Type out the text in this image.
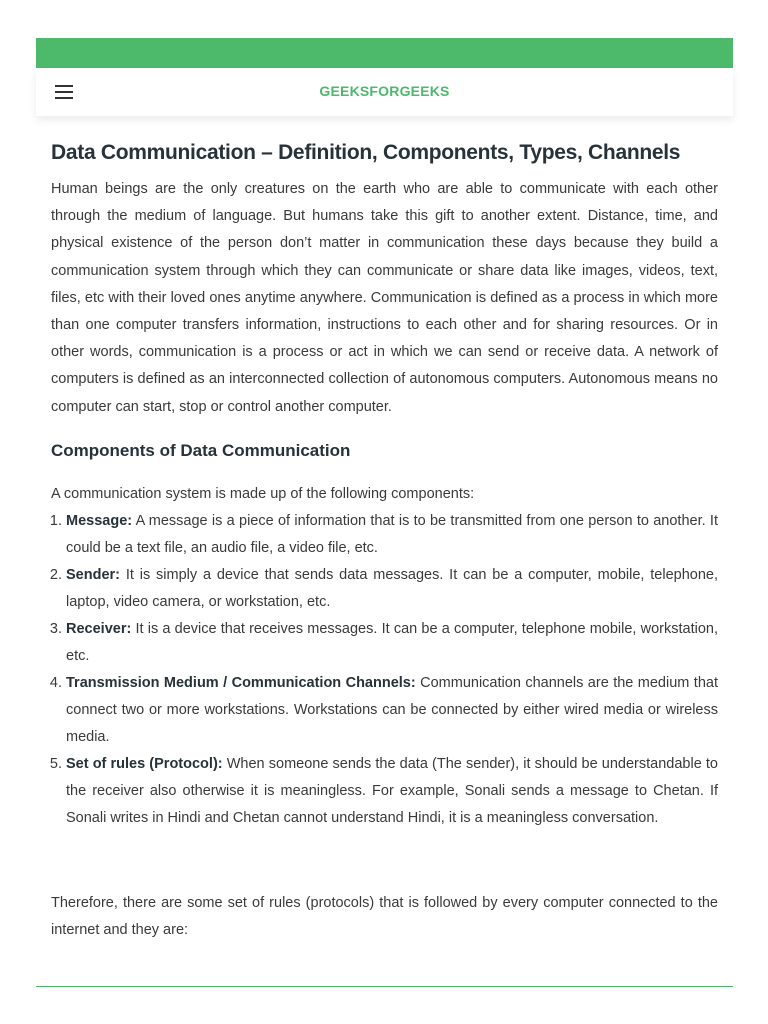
GEEKSFORGEEKS
Data Communication – Definition, Components, Types, Channels

Human beings are the only creatures on the earth who are able to communicate with each other through the medium of language. But humans take this gift to another extent. Distance, time, and physical existence of the person don’t matter in communication these days because they build a communication system through which they can communicate or share data like images, videos, text, files, etc with their loved ones anytime anywhere. Communication is defined as a process in which more than one computer transfers information, instructions to each other and for sharing resources. Or in other words, communication is a process or act in which we can send or receive data. A network of computers is defined as an interconnected collection of autonomous computers. Autonomous means no computer can start, stop or control another computer.

Components of Data Communication

A communication system is made up of the following components:

1. Message: A message is a piece of information that is to be transmitted from one person to another. It could be a text file, an audio file, a video file, etc.
2. Sender: It is simply a device that sends data messages. It can be a computer, mobile, telephone, laptop, video camera, or workstation, etc.
3. Receiver: It is a device that receives messages. It can be a computer, telephone mobile, workstation, etc.
4. Transmission Medium / Communication Channels: Communication channels are the medium that connect two or more workstations. Workstations can be connected by either wired media or wireless media.
5. Set of rules (Protocol): When someone sends the data (The sender), it should be understandable to the receiver also otherwise it is meaningless. For example, Sonali sends a message to Chetan. If Sonali writes in Hindi and Chetan cannot understand Hindi, it is a meaningless conversation.

Therefore, there are some set of rules (protocols) that is followed by every computer connected to the internet and they are:
